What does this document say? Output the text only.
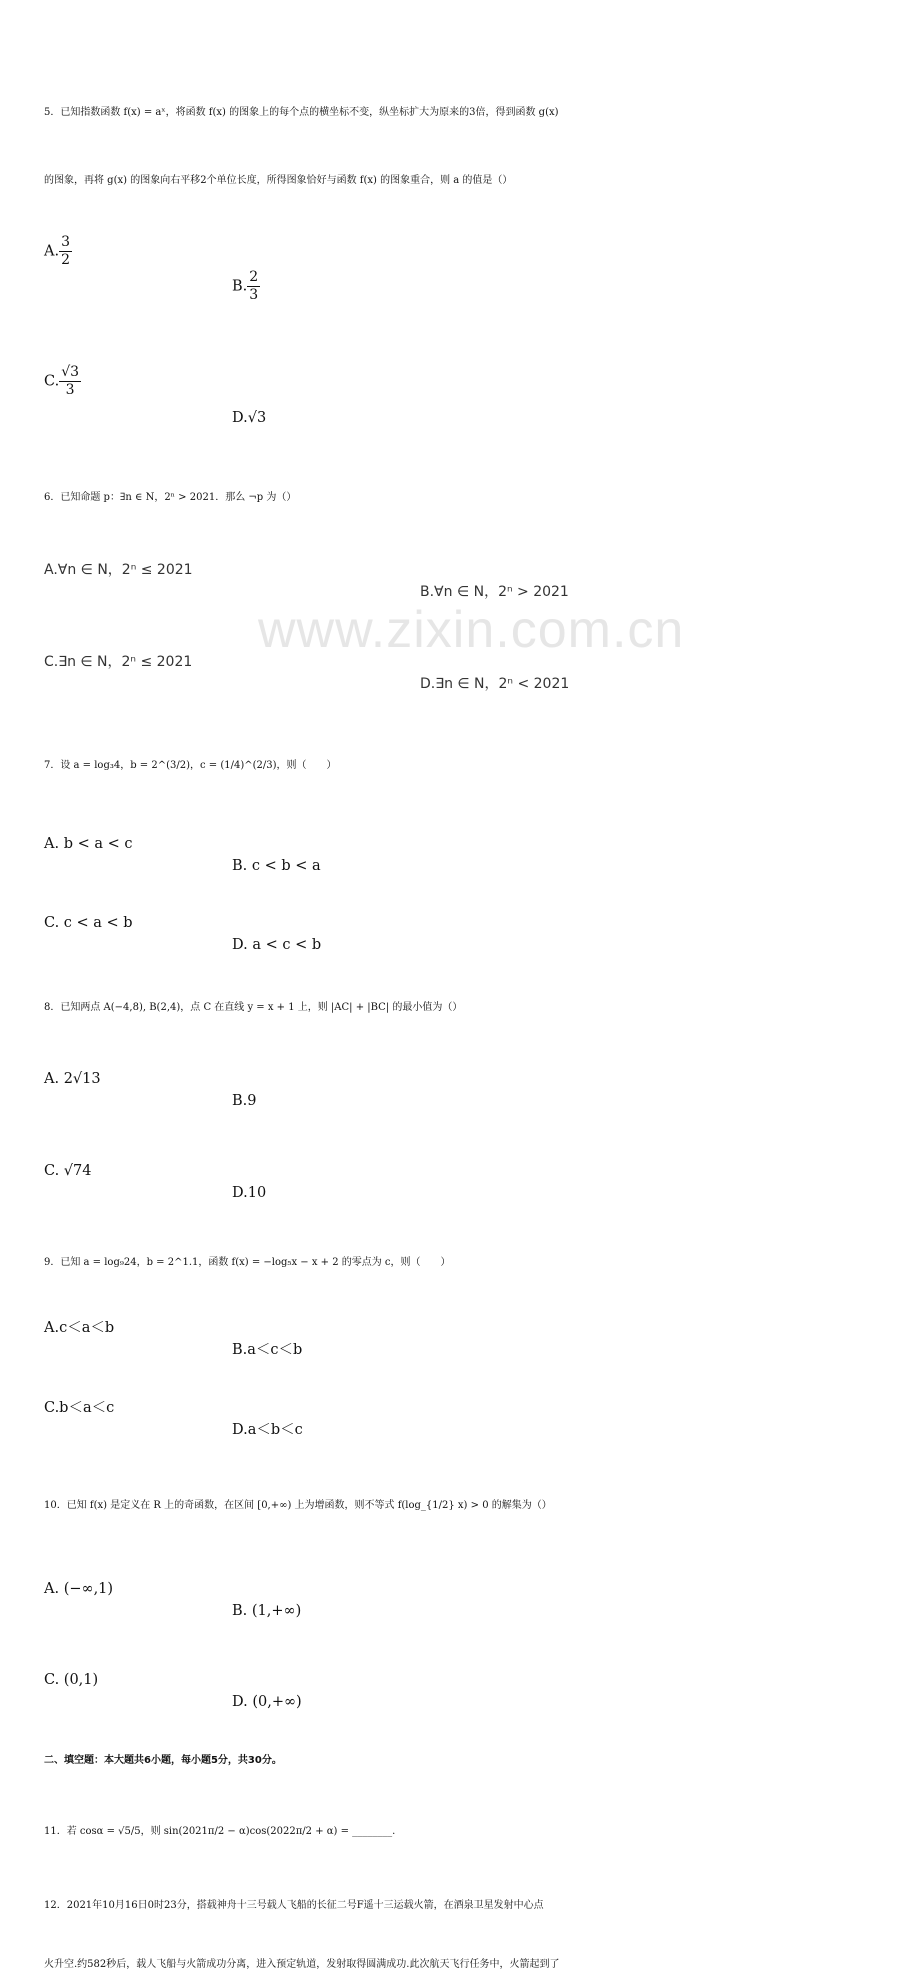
www.zixin.com.cn
5．已知指数函数 f(x) = aˣ，将函数 f(x) 的图象上的每个点的横坐标不变，纵坐标扩大为原来的3倍，得到函数 g(x)
的图象，再将 g(x) 的图象向右平移2个单位长度，所得图象恰好与函数 f(x) 的图象重合，则 a 的值是（）
A. $\frac{3}{2}$
B. $\frac{2}{3}$
C. $\frac{√3}{3}$
D.√3
6．已知命题 p：∃n ∈ N，2ⁿ > 2021．那么 ¬p 为（）
A.∀n ∈ N，2ⁿ ≤ 2021
B.∀n ∈ N，2ⁿ > 2021
C.∃n ∈ N，2ⁿ ≤ 2021
D.∃n ∈ N，2ⁿ < 2021
7．设 a = log₃4，b = 2^(3/2)，c = (1/4)^(2/3)，则（　　）
A. b < a < c
B. c < b < a
C. c < a < b
D. a < c < b
8．已知两点 A(−4,8), B(2,4)，点 C 在直线 y = x + 1 上，则 |AC| + |BC| 的最小值为（）
A. 2√13
B.9
C. √74
D.10
9．已知 a = log₉24，b = 2^1.1，函数 f(x) = −log₅x − x + 2 的零点为 c，则（　　）
A.c＜a＜b
B.a＜c＜b
C.b＜a＜c
D.a＜b＜c
10．已知 f(x) 是定义在 R 上的奇函数，在区间 [0,+∞) 上为增函数，则不等式 f(log_{1/2} x) > 0 的解集为（）
A. (−∞,1)
B. (1,+∞)
C. (0,1)
D. (0,+∞)
二、填空题：本大题共6小题，每小题5分，共30分。
11．若 cosα = √5/5，则 sin(2021π/2 − α)cos(2022π/2 + α) = ________.
12．2021年10月16日0时23分，搭载神舟十三号载人飞船的长征二号F遥十三运载火箭，在酒泉卫星发射中心点
火升空.约582秒后，载人飞船与火箭成功分离，进入预定轨道，发射取得圆满成功.此次航天飞行任务中，火箭起到了
